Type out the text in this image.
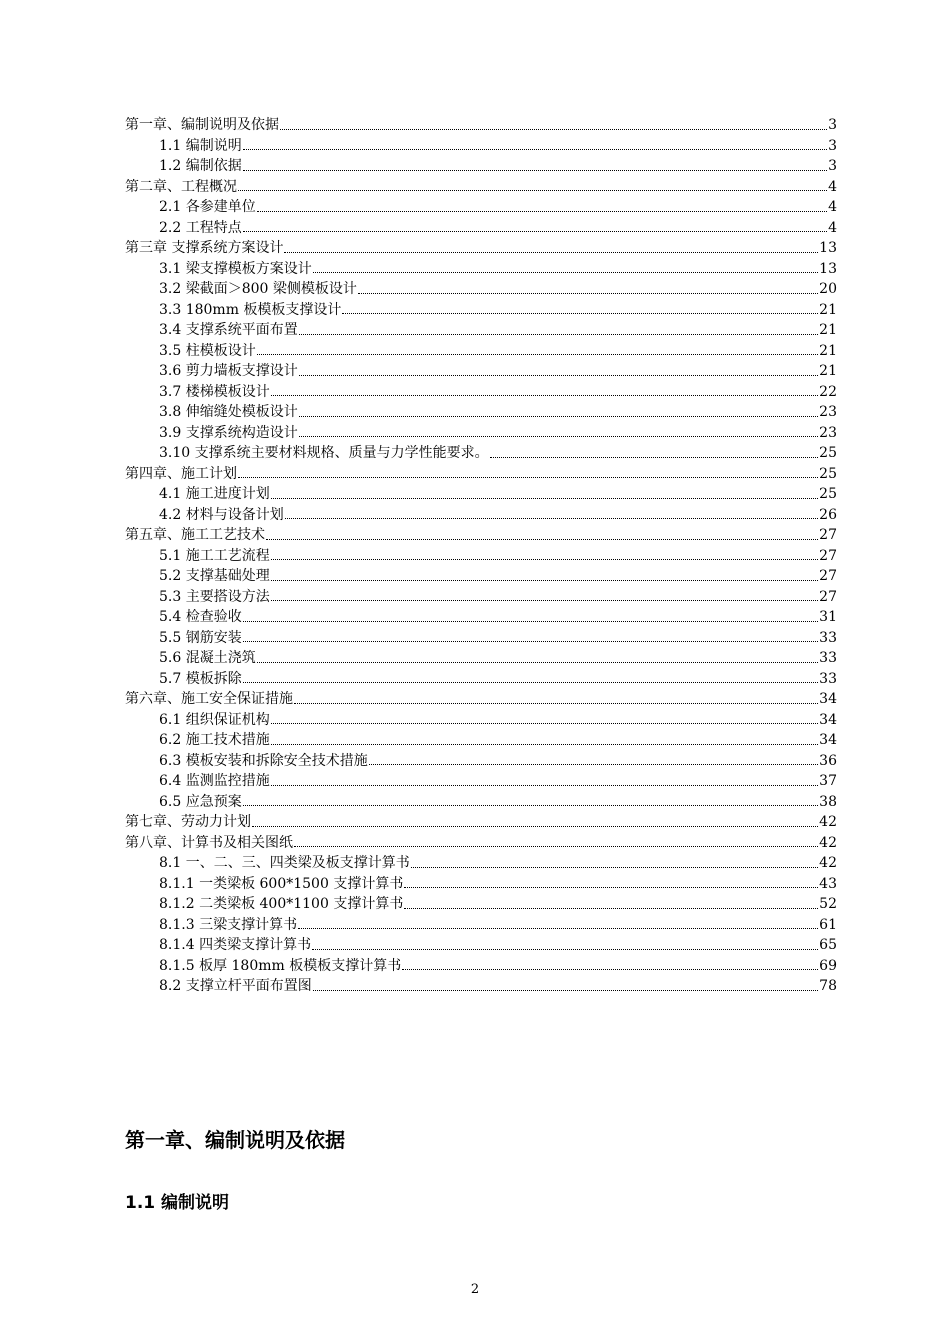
第一章、编制说明及依据	3
1.1 编制说明	3
1.2 编制依据	3
第二章、工程概况	4
2.1 各参建单位	4
2.2 工程特点	4
第三章 支撑系统方案设计	13
3.1 梁支撑模板方案设计	13
3.2 梁截面＞800 梁侧模板设计	20
3.3 180mm 板模板支撑设计	21
3.4 支撑系统平面布置	21
3.5 柱模板设计	21
3.6 剪力墙板支撑设计	21
3.7 楼梯模板设计	22
3.8 伸缩缝处模板设计	23
3.9 支撑系统构造设计	23
3.10 支撑系统主要材料规格、质量与力学性能要求。	25
第四章、施工计划	25
4.1 施工进度计划	25
4.2 材料与设备计划	26
第五章、施工工艺技术	27
5.1 施工工艺流程	27
5.2 支撑基础处理	27
5.3 主要搭设方法	27
5.4 检查验收	31
5.5 钢筋安装	33
5.6 混凝土浇筑	33
5.7 模板拆除	33
第六章、施工安全保证措施	34
6.1 组织保证机构	34
6.2 施工技术措施	34
6.3 模板安装和拆除安全技术措施	36
6.4 监测监控措施	37
6.5 应急预案	38
第七章、劳动力计划	42
第八章、计算书及相关图纸	42
8.1 一、二、三、四类梁及板支撑计算书	42
8.1.1 一类梁板 600*1500 支撑计算书	43
8.1.2 二类梁板 400*1100 支撑计算书	52
8.1.3 三梁支撑计算书	61
8.1.4 四类梁支撑计算书	65
8.1.5 板厚 180mm 板模板支撑计算书	69
8.2 支撑立杆平面布置图	78
第一章、编制说明及依据
1.1 编制说明
2
